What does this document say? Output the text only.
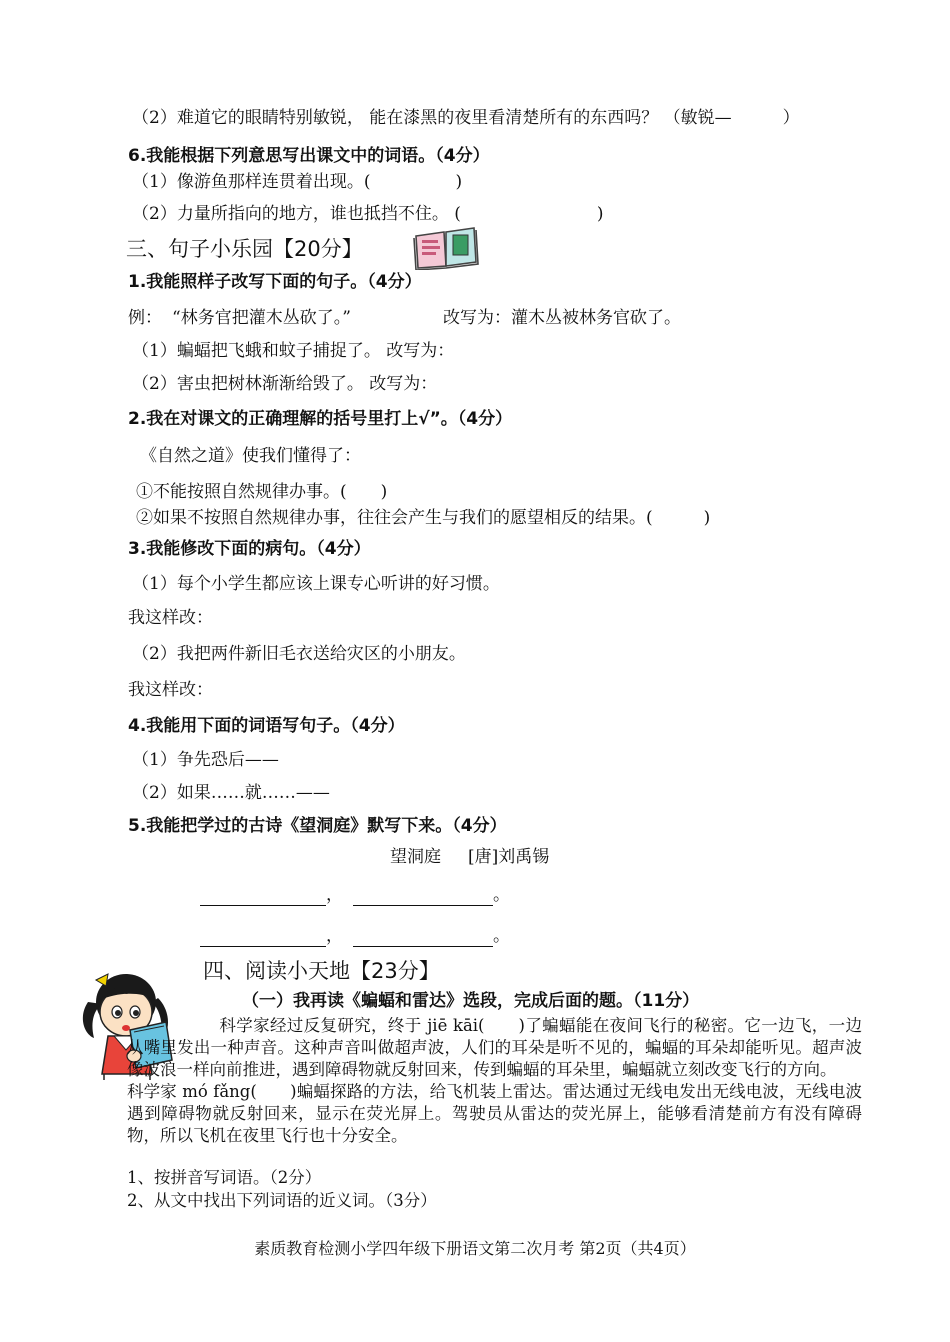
（2）难道它的眼睛特别敏锐， 能在漆黑的夜里看清楚所有的东西吗？ （敏锐—　　　）
6.我能根据下列意思写出课文中的词语。（4分）
（1）像游鱼那样连贯着出现。(　　　　　)
（2）力量所指向的地方，谁也抵挡不住。 (　　　　　　　　)
三、句子小乐园【20分】
1.我能照样子改写下面的句子。（4分）
例： “林务官把灌木丛砍了。”	改写为：灌木丛被林务官砍了。
（1）蝙蝠把飞蛾和蚊子捕捉了。 改写为：
（2）害虫把树林渐渐给毁了。 改写为：
2.我在对课文的正确理解的括号里打上√”。（4分）
《自然之道》使我们懂得了：
①不能按照自然规律办事。(　　)
②如果不按照自然规律办事，往往会产生与我们的愿望相反的结果。(　　　)
3.我能修改下面的病句。（4分）
（1）每个小学生都应该上课专心听讲的好习惯。
我这样改：
（2）我把两件新旧毛衣送给灾区的小朋友。
我这样改：
4.我能用下面的词语写句子。（4分）
（1）争先恐后——
（2）如果……就……——
5.我能把学过的古诗《望洞庭》默写下来。（4分）
望洞庭 [唐]刘禹锡
，	。
，	。
四、阅读小天地【23分】
（一）我再读《蝙蝠和雷达》选段，完成后面的题。（11分）

科学家经过反复研究，终于 jiē kāi(　　)了蝙蝠能在夜间飞行的秘密。它一边飞，一边从嘴里发出一种声音。这种声音叫做超声波，人们的耳朵是听不见的，蝙蝠的耳朵却能听见。超声波像波浪一样向前推进，遇到障碍物就反射回来，传到蝙蝠的耳朵里，蝙蝠就立刻改变飞行的方向。

科学家 mó fǎng(　　)蝙蝠探路的方法，给飞机装上雷达。雷达通过无线电发出无线电波，无线电波遇到障碍物就反射回来，显示在荧光屏上。驾驶员从雷达的荧光屏上，能够看清楚前方有没有障碍物，所以飞机在夜里飞行也十分安全。

1、按拼音写词语。（2分）
2、从文中找出下列词语的近义词。（3分）
素质教育检测小学四年级下册语文第二次月考 第2页（共4页）
